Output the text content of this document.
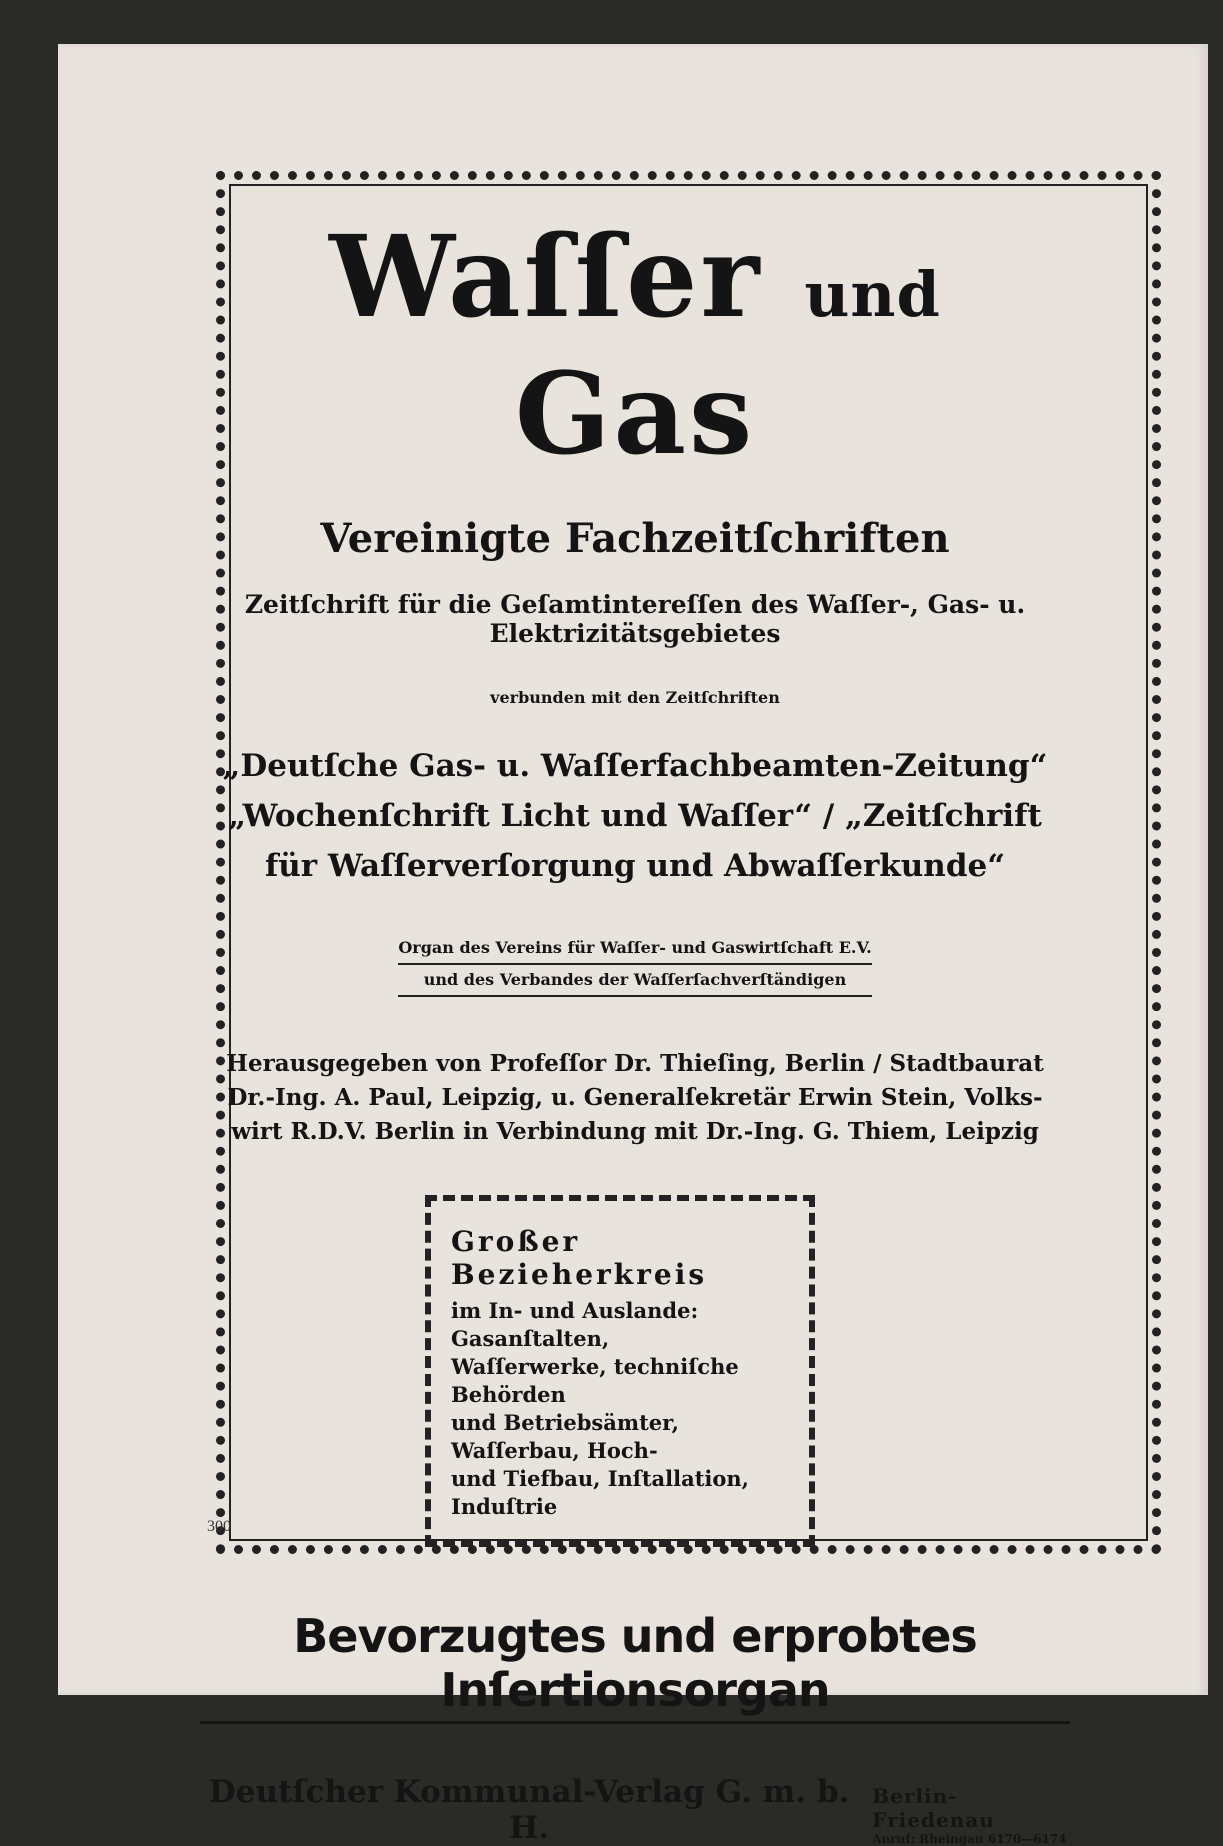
Waſſer und Gas
Vereinigte Fachzeitſchriften
Zeitſchrift für die Geſamtintereſſen des Waſſer-, Gas- u. Elektrizitätsgebietes
verbunden mit den Zeitſchriften
„Deutſche Gas- u. Waſſerfachbeamten-Zeitung“
„Wochenſchrift Licht und Waſſer“ / „Zeitſchrift
für Waſſerverſorgung und Abwaſſerkunde“
Organ des Vereins für Waſſer- und Gaswirtſchaft E.V.
und des Verbandes der Waſſerſachverſtändigen
Herausgegeben von Profeſſor Dr. Thieſing, Berlin / Stadtbaurat
Dr.-Ing. A. Paul, Leipzig, u. Generalſekretär Erwin Stein, Volks-
wirt R.D.V. Berlin in Verbindung mit Dr.-Ing. G. Thiem, Leipzig
Großer Bezieherkreis
im In- und Auslande: Gasanſtalten,
Waſſerwerke, techniſche Behörden
und Betriebsämter, Waſſerbau, Hoch-
und Tiefbau, Inſtallation, Induſtrie
Bevorzugtes und erprobtes Inſertionsorgan
Deutſcher Kommunal-Verlag G. m. b. H.
Berlin-Friedenau
Anruf: Rheingau 6170—6174
300
